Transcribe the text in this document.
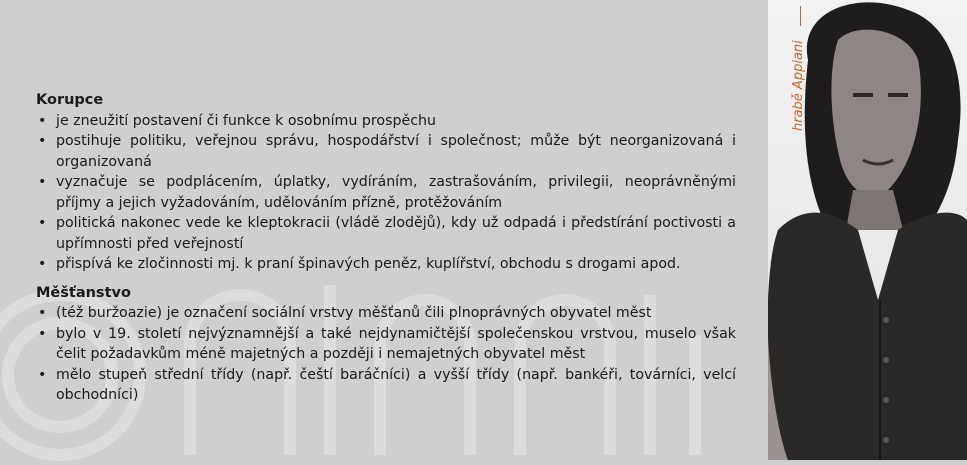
Korupce

• je zneužití postavení či funkce k osobnímu prospěchu
• postihuje politiku, veřejnou správu, hospodářství i společnost; může být neorganizovaná i organizovaná
• vyznačuje se podplácením, úplatky, vydíráním, zastrašováním, privilegii, neoprávněnými příjmy a jejich vyžadováním, udělováním přízně, protěžováním
• politická nakonec vede ke kleptokracii (vládě zlodějů), kdy už odpadá i předstírání poctivosti a upřímnosti před veřejností
• přispívá ke zločinnosti mj. k praní špinavých peněz, kuplířství, obchodu s drogami apod.

Měšťanstvo

• (též buržoazie) je označení sociální vrstvy měšťanů čili plnoprávných obyvatel měst
• bylo v 19. století nejvýznamnější a také nejdynamičtější společenskou vrstvou, muselo však čelit požadavkům méně majetných a později i nemajetných obyvatel měst
• mělo stupeň střední třídy (např. čeští baráčníci) a vyšší třídy (např. bankéři, továrníci, velcí obchodníci)
hrabě Appiani
